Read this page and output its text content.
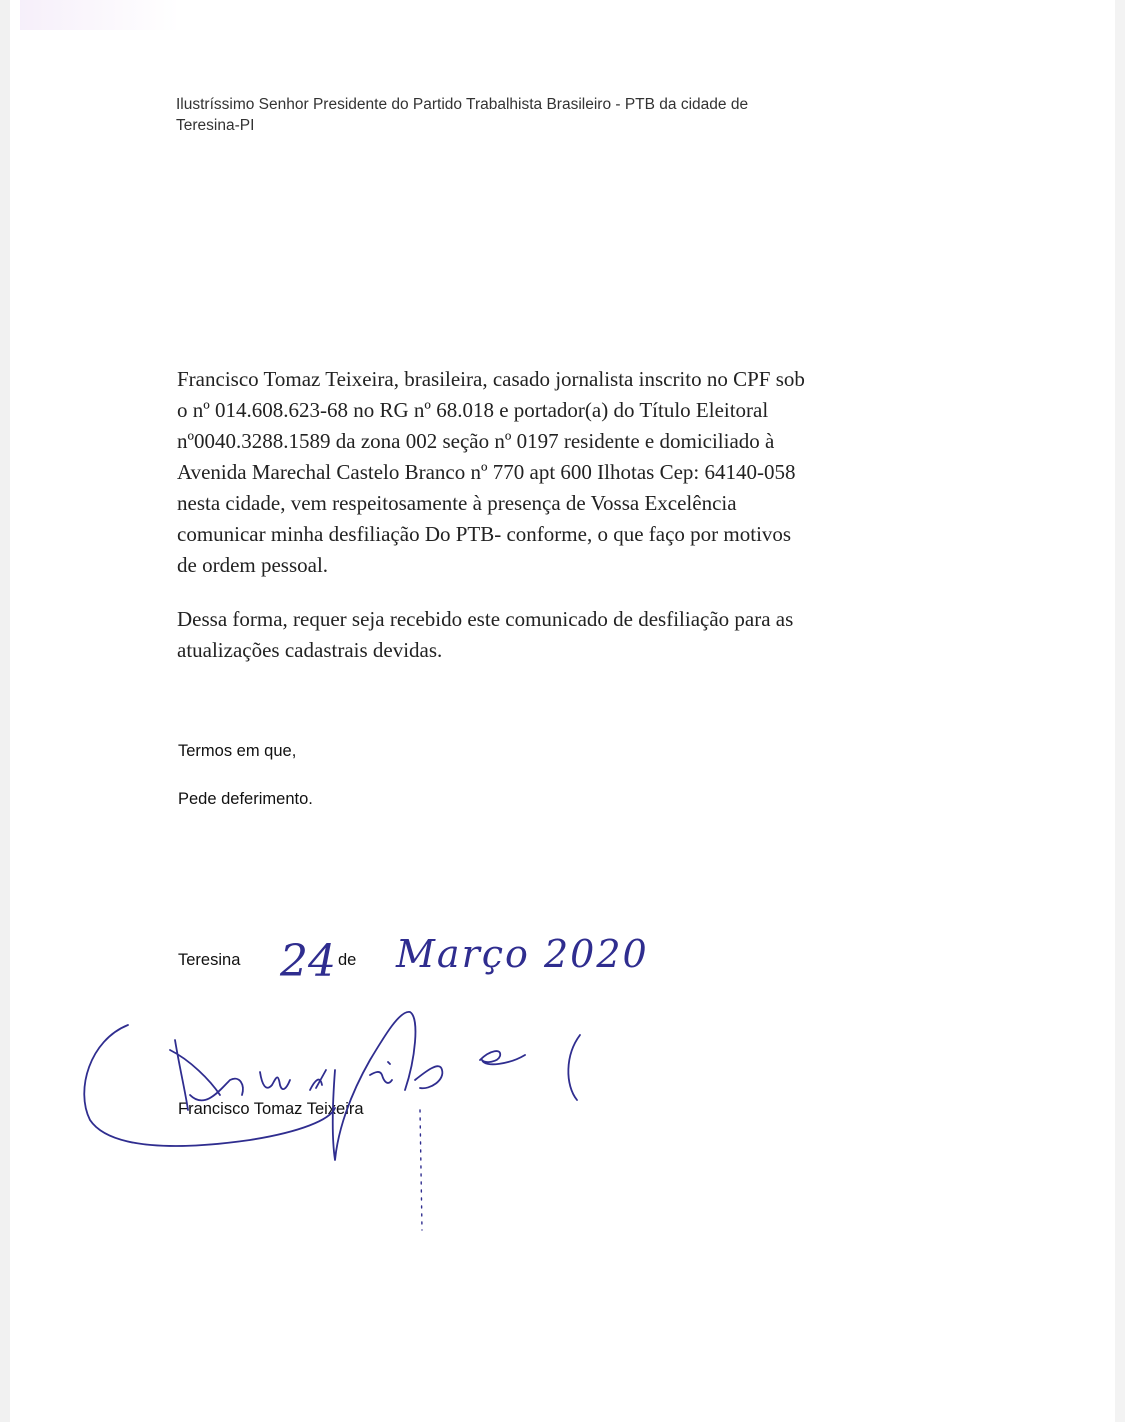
Ilustríssimo Senhor Presidente do Partido Trabalhista Brasileiro - PTB da cidade de
Teresina-PI
Francisco Tomaz Teixeira, brasileira, casado jornalista inscrito no CPF sob
o nº 014.608.623-68 no RG nº 68.018 e portador(a) do Título Eleitoral
nº0040.3288.1589 da zona 002 seção nº 0197 residente e domiciliado à
Avenida Marechal Castelo Branco nº 770 apt 600 Ilhotas Cep: 64140-058
nesta cidade, vem respeitosamente à presença de Vossa Excelência
comunicar minha desfiliação Do PTB- conforme, o que faço por motivos
de ordem pessoal.
Dessa forma, requer seja recebido este comunicado de desfiliação para as
atualizações cadastrais devidas.
Termos em que,
Pede deferimento.
Teresina 24 de Março 2020
Francisco Tomaz Teixeira
